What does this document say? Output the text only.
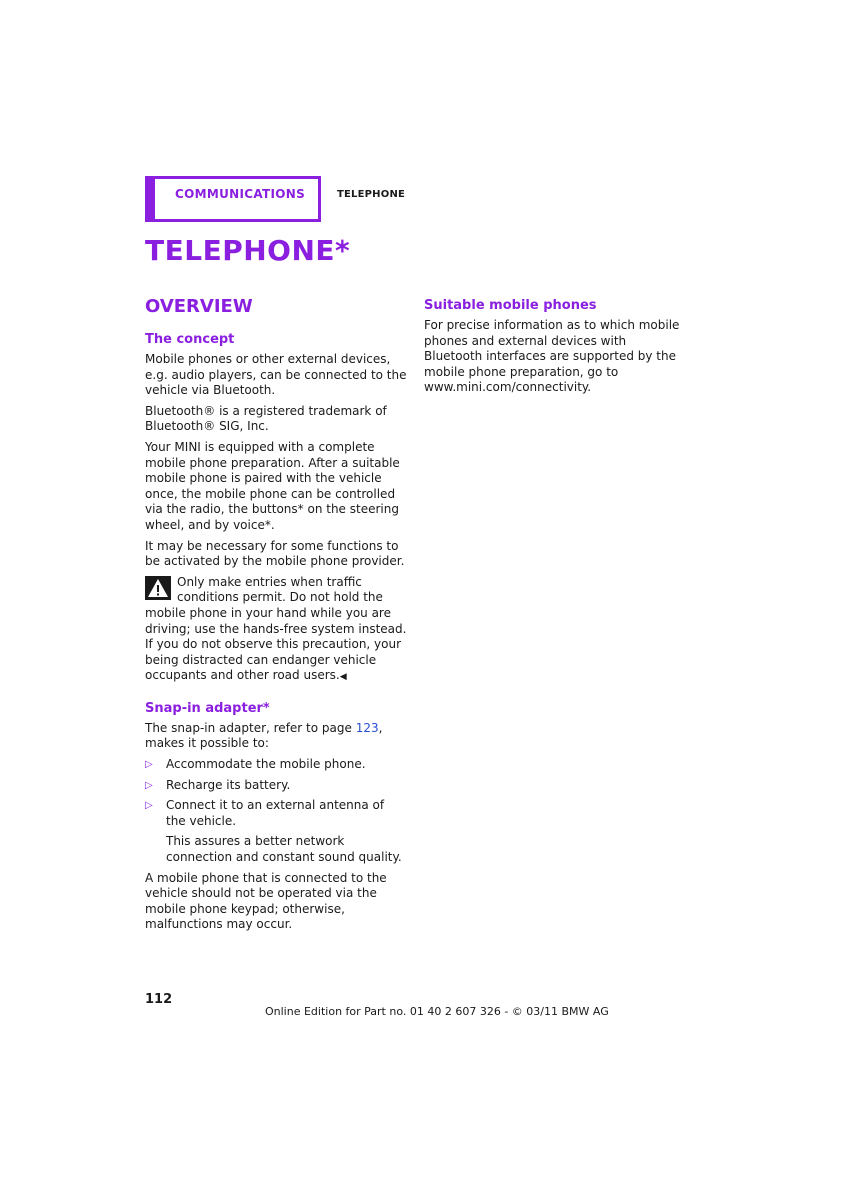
COMMUNICATIONS	TELEPHONE
TELEPHONE*
OVERVIEW
The concept

Mobile phones or other external devices, e.g. audio players, can be connected to the vehicle via Bluetooth.

Bluetooth® is a registered trademark of Bluetooth® SIG, Inc.

Your MINI is equipped with a complete mobile phone preparation. After a suitable mobile phone is paired with the vehicle once, the mobile phone can be controlled via the radio, the buttons* on the steering wheel, and by voice*.

It may be necessary for some functions to be activated by the mobile phone provider.

Only make entries when traffic conditions permit. Do not hold the mobile phone in your hand while you are driving; use the hands-free system instead. If you do not observe this precaution, your being distracted can endanger vehicle occupants and other road users.◀
Snap-in adapter*

The snap-in adapter, refer to page 123, makes it possible to:

▷ Accommodate the mobile phone.
▷ Recharge its battery.
▷ Connect it to an external antenna of the vehicle.

This assures a better network connection and constant sound quality.

A mobile phone that is connected to the vehicle should not be operated via the mobile phone keypad; otherwise, malfunctions may occur.

Suitable mobile phones

For precise information as to which mobile phones and external devices with Bluetooth interfaces are supported by the mobile phone preparation, go to www.mini.com/connectivity.

112
Online Edition for Part no. 01 40 2 607 326 - © 03/11 BMW AG
